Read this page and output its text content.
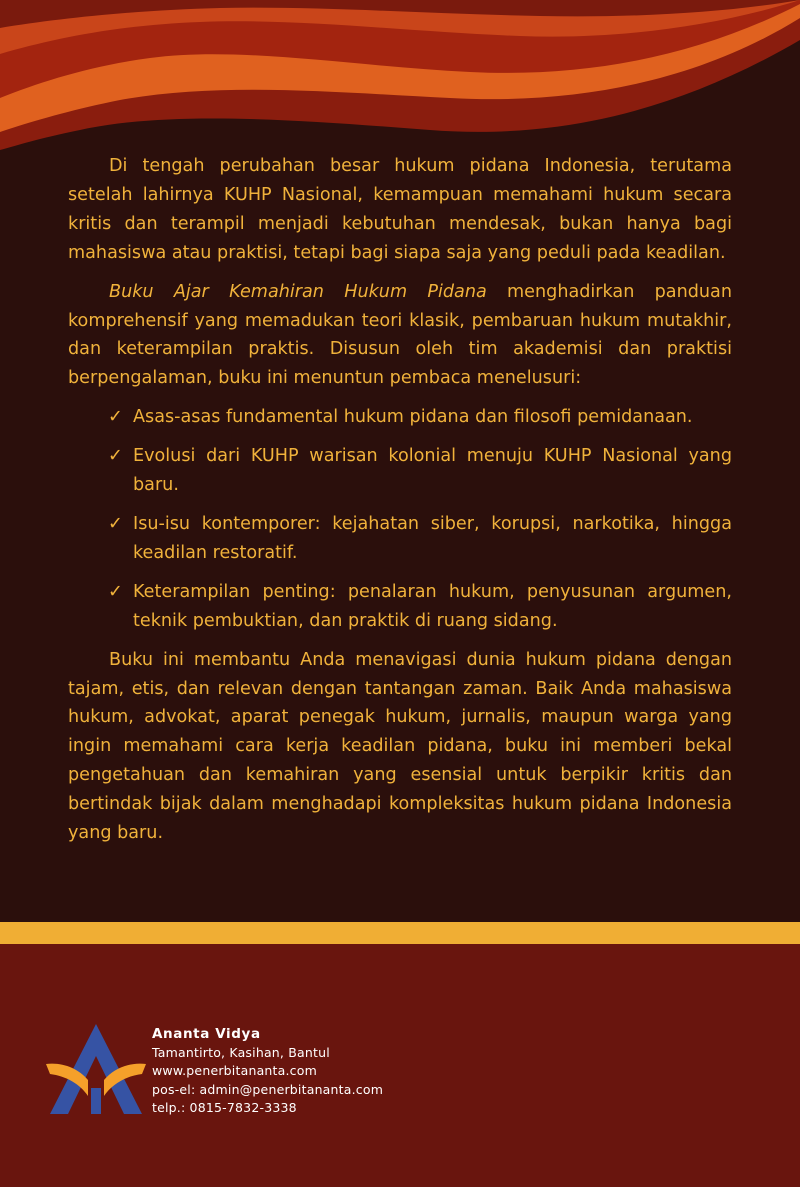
Di tengah perubahan besar hukum pidana Indonesia, terutama setelah lahirnya KUHP Nasional, kemampuan memahami hukum secara kritis dan terampil menjadi kebutuhan mendesak, bukan hanya bagi mahasiswa atau praktisi, tetapi bagi siapa saja yang peduli pada keadilan.

Buku Ajar Kemahiran Hukum Pidana menghadirkan panduan komprehensif yang memadukan teori klasik, pembaruan hukum mutakhir, dan keterampilan praktis. Disusun oleh tim akademisi dan praktisi berpengalaman, buku ini menuntun pembaca menelusuri:

✓ Asas-asas fundamental hukum pidana dan filosofi pemidanaan.
✓ Evolusi dari KUHP warisan kolonial menuju KUHP Nasional yang baru.
✓ Isu-isu kontemporer: kejahatan siber, korupsi, narkotika, hingga keadilan restoratif.
✓ Keterampilan penting: penalaran hukum, penyusunan argumen, teknik pembuktian, dan praktik di ruang sidang.

Buku ini membantu Anda menavigasi dunia hukum pidana dengan tajam, etis, dan relevan dengan tantangan zaman. Baik Anda mahasiswa hukum, advokat, aparat penegak hukum, jurnalis, maupun warga yang ingin memahami cara kerja keadilan pidana, buku ini memberi bekal pengetahuan dan kemahiran yang esensial untuk berpikir kritis dan bertindak bijak dalam menghadapi kompleksitas hukum pidana Indonesia yang baru.

Ananta Vidya
Tamantirto, Kasihan, Bantul
www.penerbitananta.com
pos-el: admin@penerbitananta.com
telp.: 0815-7832-3338
